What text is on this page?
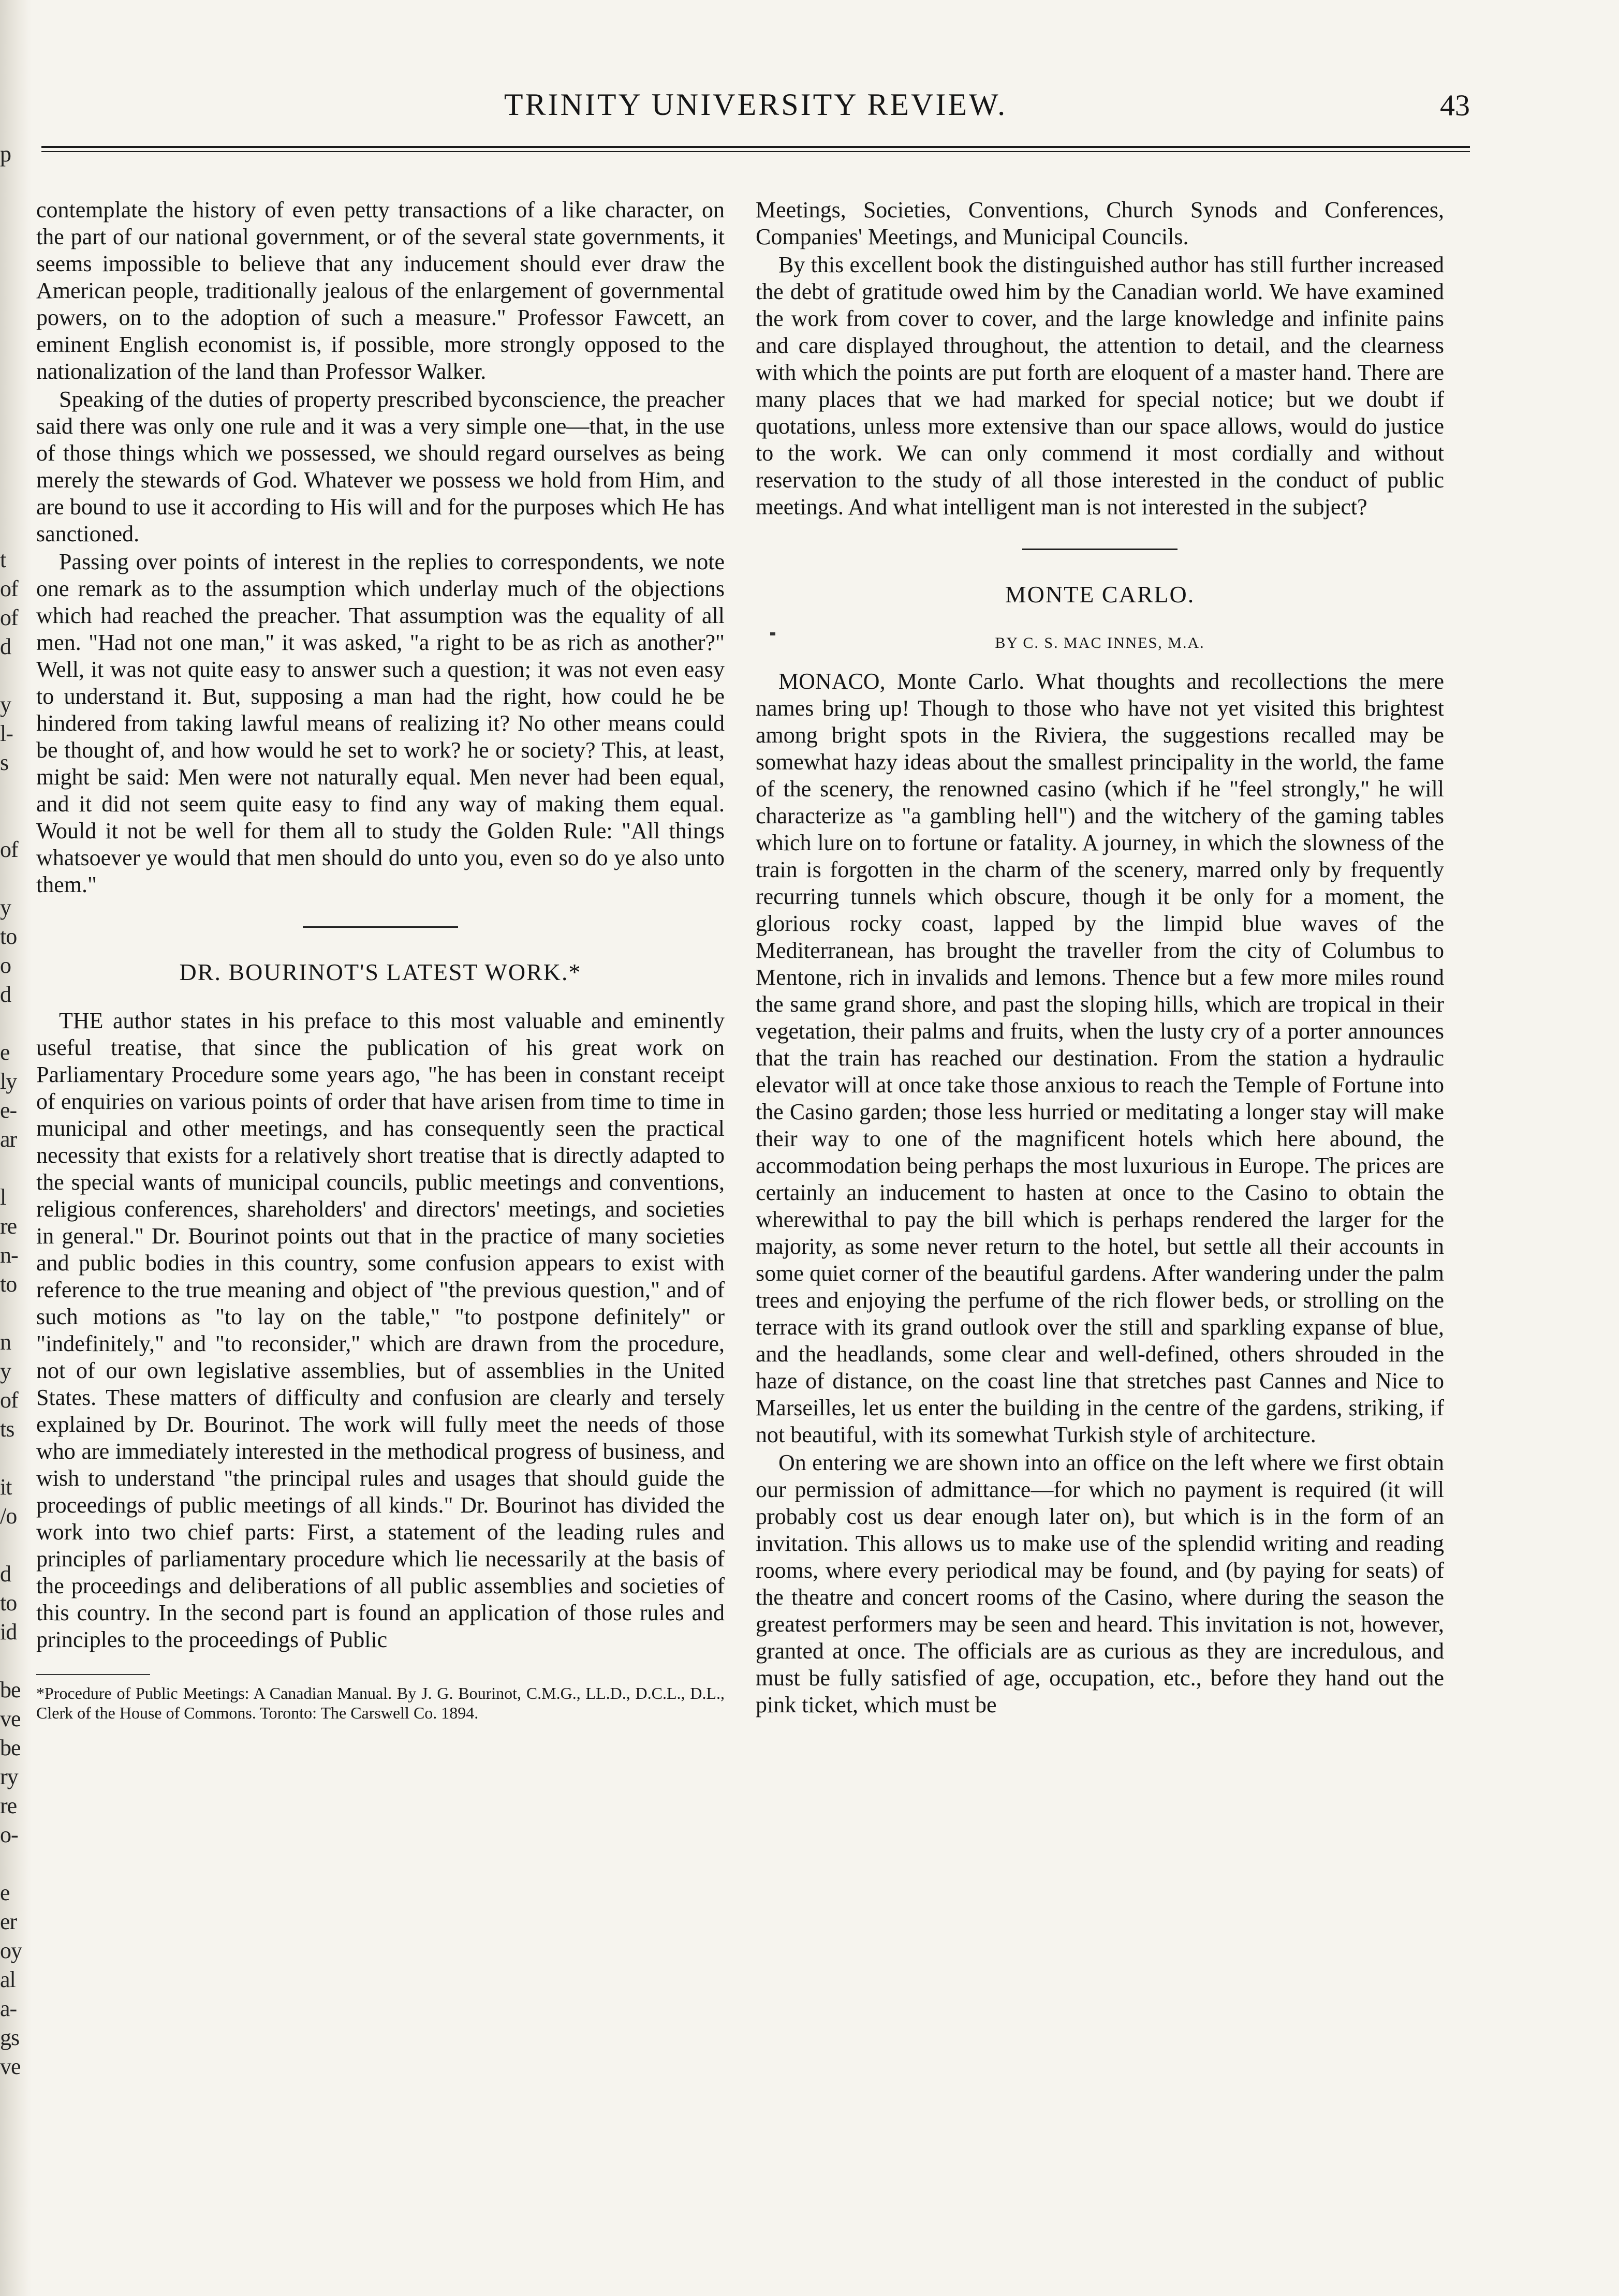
p
t
of
of
d
y
l-
s
of
y
to
o
d
e
ly
e-
ar
l
re
n-
to
n
y
of
ts
it
/o
d
to
id
be
ve
be
ry
re
o-
e
er
oy
al
a-
gs
ve
TRINITY UNIVERSITY REVIEW.	43

contemplate the history of even petty transactions of a like character, on the part of our national government, or of the several state governments, it seems impossible to believe that any inducement should ever draw the American people, traditionally jealous of the enlargement of governmental powers, on to the adoption of such a measure." Professor Fawcett, an eminent English economist is, if possible, more strongly opposed to the nationalization of the land than Professor Walker.

Speaking of the duties of property prescribed byconscience, the preacher said there was only one rule and it was a very simple one—that, in the use of those things which we possessed, we should regard ourselves as being merely the stewards of God. Whatever we possess we hold from Him, and are bound to use it according to His will and for the purposes which He has sanctioned.

Passing over points of interest in the replies to correspondents, we note one remark as to the assumption which underlay much of the objections which had reached the preacher. That assumption was the equality of all men. "Had not one man," it was asked, "a right to be as rich as another?" Well, it was not quite easy to answer such a question; it was not even easy to understand it. But, supposing a man had the right, how could he be hindered from taking lawful means of realizing it? No other means could be thought of, and how would he set to work? he or society? This, at least, might be said: Men were not naturally equal. Men never had been equal, and it did not seem quite easy to find any way of making them equal. Would it not be well for them all to study the Golden Rule: "All things whatsoever ye would that men should do unto you, even so do ye also unto them."

DR. BOURINOT'S LATEST WORK.*

THE author states in his preface to this most valuable and eminently useful treatise, that since the publication of his great work on Parliamentary Procedure some years ago, "he has been in constant receipt of enquiries on various points of order that have arisen from time to time in municipal and other meetings, and has consequently seen the practical necessity that exists for a relatively short treatise that is directly adapted to the special wants of municipal councils, public meetings and conventions, religious conferences, shareholders' and directors' meetings, and societies in general." Dr. Bourinot points out that in the practice of many societies and public bodies in this country, some confusion appears to exist with reference to the true meaning and object of "the previous question," and of such motions as "to lay on the table," "to postpone definitely" or "indefinitely," and "to reconsider," which are drawn from the procedure, not of our own legislative assemblies, but of assemblies in the United States. These matters of difficulty and confusion are clearly and tersely explained by Dr. Bourinot. The work will fully meet the needs of those who are immediately interested in the methodical progress of business, and wish to understand "the principal rules and usages that should guide the proceedings of public meetings of all kinds." Dr. Bourinot has divided the work into two chief parts: First, a statement of the leading rules and principles of parliamentary procedure which lie necessarily at the basis of the proceedings and deliberations of all public assemblies and societies of this country. In the second part is found an application of those rules and principles to the proceedings of Public

*Procedure of Public Meetings: A Canadian Manual. By J. G. Bourinot, C.M.G., LL.D., D.C.L., D.L., Clerk of the House of Commons. Toronto: The Carswell Co. 1894.

Meetings, Societies, Conventions, Church Synods and Conferences, Companies' Meetings, and Municipal Councils.

By this excellent book the distinguished author has still further increased the debt of gratitude owed him by the Canadian world. We have examined the work from cover to cover, and the large knowledge and infinite pains and care displayed throughout, the attention to detail, and the clearness with which the points are put forth are eloquent of a master hand. There are many places that we had marked for special notice; but we doubt if quotations, unless more extensive than our space allows, would do justice to the work. We can only commend it most cordially and without reservation to the study of all those interested in the conduct of public meetings. And what intelligent man is not interested in the subject?

MONTE CARLO.
BY C. S. MAC INNES, M.A.

MONACO, Monte Carlo. What thoughts and recollections the mere names bring up! Though to those who have not yet visited this brightest among bright spots in the Riviera, the suggestions recalled may be somewhat hazy ideas about the smallest principality in the world, the fame of the scenery, the renowned casino (which if he "feel strongly," he will characterize as "a gambling hell") and the witchery of the gaming tables which lure on to fortune or fatality. A journey, in which the slowness of the train is forgotten in the charm of the scenery, marred only by frequently recurring tunnels which obscure, though it be only for a moment, the glorious rocky coast, lapped by the limpid blue waves of the Mediterranean, has brought the traveller from the city of Columbus to Mentone, rich in invalids and lemons. Thence but a few more miles round the same grand shore, and past the sloping hills, which are tropical in their vegetation, their palms and fruits, when the lusty cry of a porter announces that the train has reached our destination. From the station a hydraulic elevator will at once take those anxious to reach the Temple of Fortune into the Casino garden; those less hurried or meditating a longer stay will make their way to one of the magnificent hotels which here abound, the accommodation being perhaps the most luxurious in Europe. The prices are certainly an inducement to hasten at once to the Casino to obtain the wherewithal to pay the bill which is perhaps rendered the larger for the majority, as some never return to the hotel, but settle all their accounts in some quiet corner of the beautiful gardens. After wandering under the palm trees and enjoying the perfume of the rich flower beds, or strolling on the terrace with its grand outlook over the still and sparkling expanse of blue, and the headlands, some clear and well-defined, others shrouded in the haze of distance, on the coast line that stretches past Cannes and Nice to Marseilles, let us enter the building in the centre of the gardens, striking, if not beautiful, with its somewhat Turkish style of architecture.

On entering we are shown into an office on the left where we first obtain our permission of admittance—for which no payment is required (it will probably cost us dear enough later on), but which is in the form of an invitation. This allows us to make use of the splendid writing and reading rooms, where every periodical may be found, and (by paying for seats) of the theatre and concert rooms of the Casino, where during the season the greatest performers may be seen and heard. This invitation is not, however, granted at once. The officials are as curious as they are incredulous, and must be fully satisfied of age, occupation, etc., before they hand out the pink ticket, which must be
